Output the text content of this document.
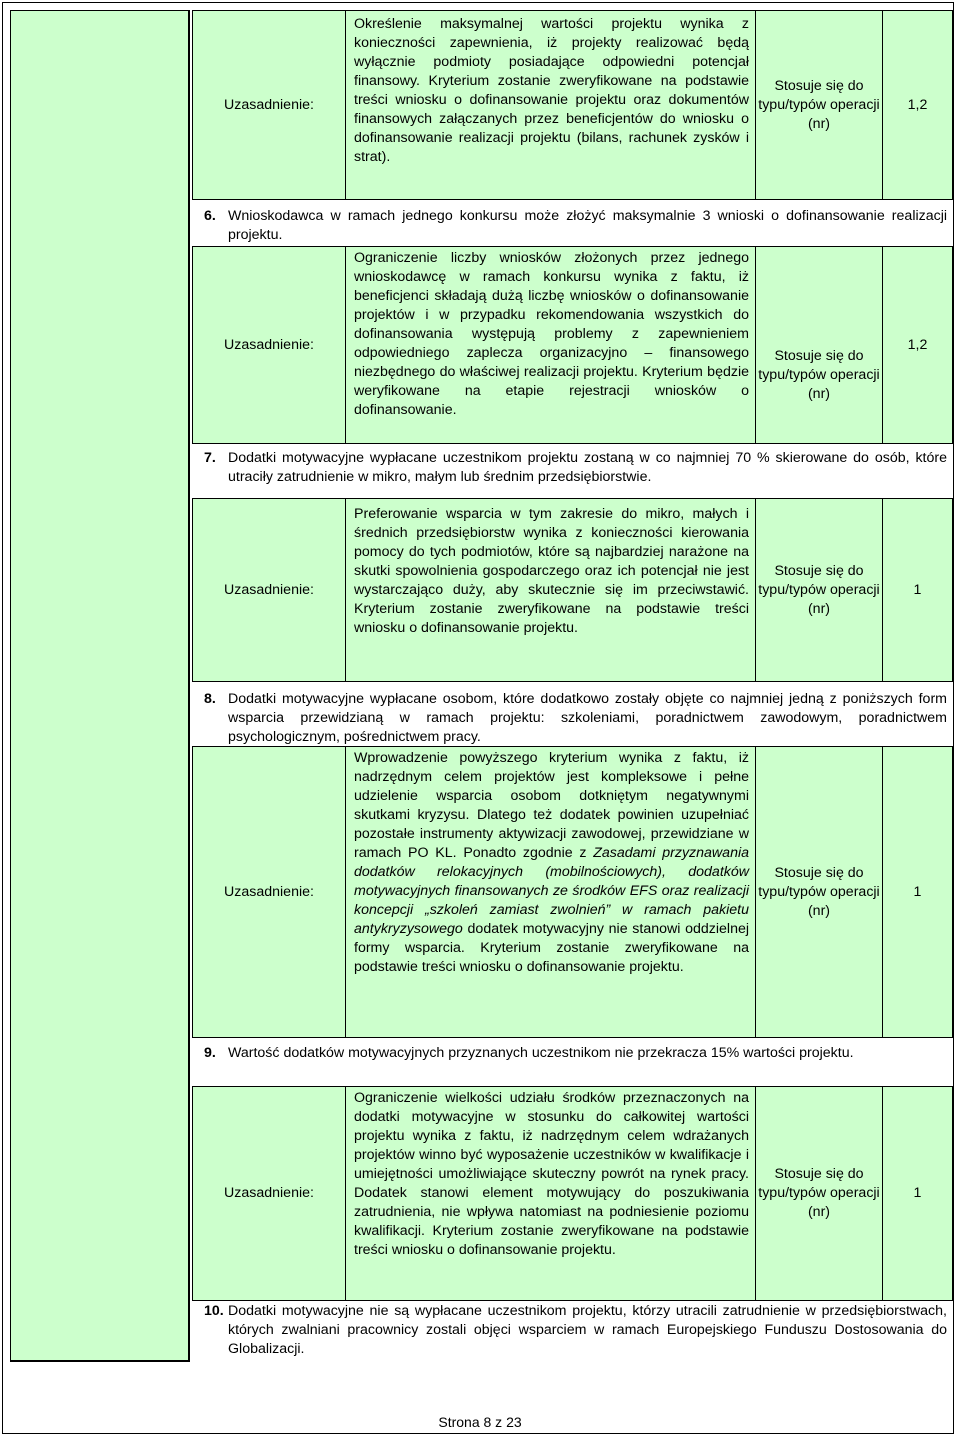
Uzasadnienie:
Określenie maksymalnej wartości projektu wynika z konieczności zapewnienia, iż projekty realizować będą wyłącznie podmioty posiadające odpowiedni potencjał finansowy. Kryterium zostanie zweryfikowane na podstawie treści wniosku o dofinansowanie projektu oraz dokumentów finansowych załączanych przez beneficjentów do wniosku o dofinansowanie realizacji projektu (bilans, rachunek zysków i strat).
Stosuje się do typu/typów operacji (nr)
1,2
6. Wnioskodawca w ramach jednego konkursu może złożyć maksymalnie 3 wnioski o dofinansowanie realizacji projektu.
Uzasadnienie:
Ograniczenie liczby wniosków złożonych przez jednego wnioskodawcę w ramach konkursu wynika z faktu, iż beneficjenci składają dużą liczbę wniosków o dofinansowanie projektów i w przypadku rekomendowania wszystkich do dofinansowania występują problemy z zapewnieniem odpowiedniego zaplecza organizacyjno – finansowego niezbędnego do właściwej realizacji projektu. Kryterium będzie weryfikowane na etapie rejestracji wniosków o dofinansowanie.
Stosuje się do typu/typów operacji (nr)
1,2
7. Dodatki motywacyjne wypłacane uczestnikom projektu zostaną w co najmniej 70 % skierowane do osób, które utraciły zatrudnienie w mikro, małym lub średnim przedsiębiorstwie.
Uzasadnienie:
Preferowanie wsparcia w tym zakresie do mikro, małych i średnich przedsiębiorstw wynika z konieczności kierowania pomocy do tych podmiotów, które są najbardziej narażone na skutki spowolnienia gospodarczego oraz ich potencjał nie jest wystarczająco duży, aby skutecznie się im przeciwstawić. Kryterium zostanie zweryfikowane na podstawie treści wniosku o dofinansowanie projektu.
Stosuje się do typu/typów operacji (nr)
1
8. Dodatki motywacyjne wypłacane osobom, które dodatkowo zostały objęte co najmniej jedną z poniższych form wsparcia przewidzianą w ramach projektu: szkoleniami, poradnictwem zawodowym, poradnictwem psychologicznym, pośrednictwem pracy.
Uzasadnienie:
Wprowadzenie powyższego kryterium wynika z faktu, iż nadrzędnym celem projektów jest kompleksowe i pełne udzielenie wsparcia osobom dotkniętym negatywnymi skutkami kryzysu. Dlatego też dodatek powinien uzupełniać pozostałe instrumenty aktywizacji zawodowej, przewidziane w ramach PO KL. Ponadto zgodnie z Zasadami przyznawania dodatków relokacyjnych (mobilnościowych), dodatków motywacyjnych finansowanych ze środków EFS oraz realizacji koncepcji „szkoleń zamiast zwolnień” w ramach pakietu antykryzysowego dodatek motywacyjny nie stanowi oddzielnej formy wsparcia. Kryterium zostanie zweryfikowane na podstawie treści wniosku o dofinansowanie projektu.
Stosuje się do typu/typów operacji (nr)
1
9. Wartość dodatków motywacyjnych przyznanych uczestnikom nie przekracza 15% wartości projektu.
Uzasadnienie:
Ograniczenie wielkości udziału środków przeznaczonych na dodatki motywacyjne w stosunku do całkowitej wartości projektu wynika z faktu, iż nadrzędnym celem wdrażanych projektów winno być wyposażenie uczestników w kwalifikacje i umiejętności umożliwiające skuteczny powrót na rynek pracy. Dodatek stanowi element motywujący do poszukiwania zatrudnienia, nie wpływa natomiast na podniesienie poziomu kwalifikacji. Kryterium zostanie zweryfikowane na podstawie treści wniosku o dofinansowanie projektu.
Stosuje się do typu/typów operacji (nr)
1
10. Dodatki motywacyjne nie są wypłacane uczestnikom projektu, którzy utracili zatrudnienie w przedsiębiorstwach, których zwalniani pracownicy zostali objęci wsparciem w ramach Europejskiego Funduszu Dostosowania do Globalizacji.
Strona 8 z 23
